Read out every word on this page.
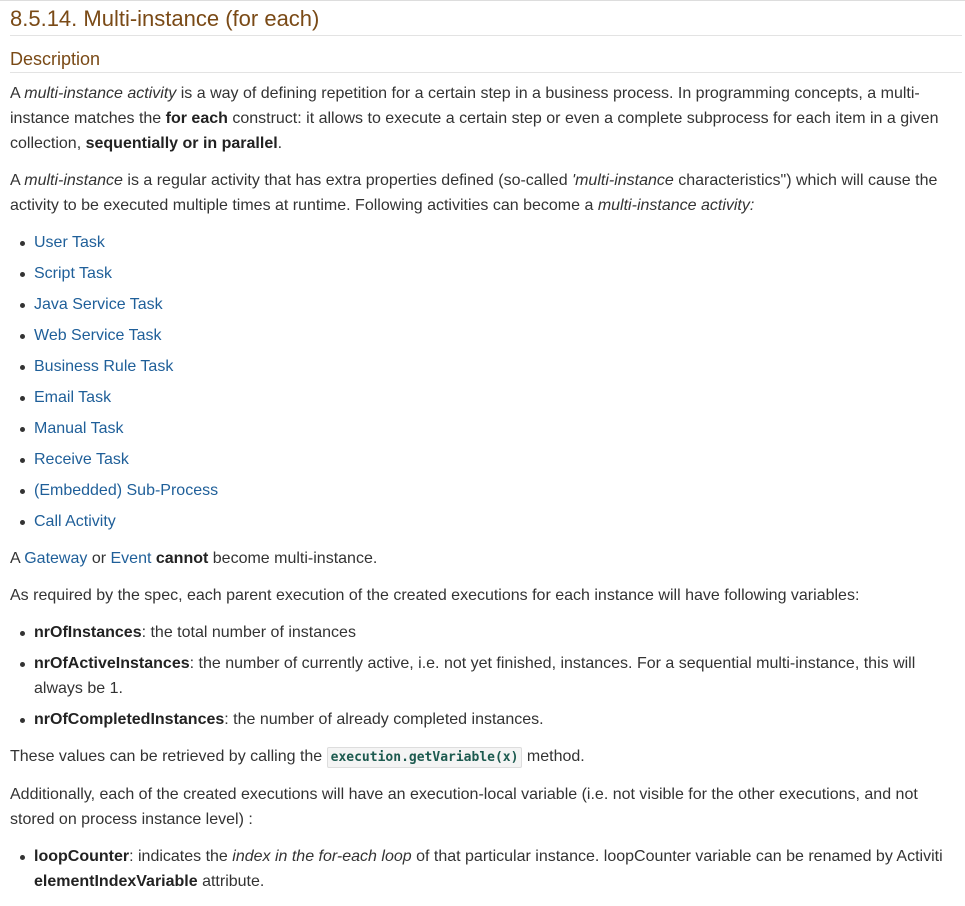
8.5.14. Multi-instance (for each)
Description

A multi-instance activity is a way of defining repetition for a certain step in a business process. In programming concepts, a multi-instance matches the for each construct: it allows to execute a certain step or even a complete subprocess for each item in a given collection, sequentially or in parallel.

A multi-instance is a regular activity that has extra properties defined (so-called 'multi-instance characteristics") which will cause the activity to be executed multiple times at runtime. Following activities can become a multi-instance activity:

User Task
Script Task
Java Service Task
Web Service Task
Business Rule Task
Email Task
Manual Task
Receive Task
(Embedded) Sub-Process
Call Activity

A Gateway or Event cannot become multi-instance.

As required by the spec, each parent execution of the created executions for each instance will have following variables:

nrOfInstances: the total number of instances
nrOfActiveInstances: the number of currently active, i.e. not yet finished, instances. For a sequential multi-instance, this will always be 1.
nrOfCompletedInstances: the number of already completed instances.

These values can be retrieved by calling the execution.getVariable(x) method.

Additionally, each of the created executions will have an execution-local variable (i.e. not visible for the other executions, and not stored on process instance level) :

loopCounter: indicates the index in the for-each loop of that particular instance. loopCounter variable can be renamed by Activiti elementIndexVariable attribute.
